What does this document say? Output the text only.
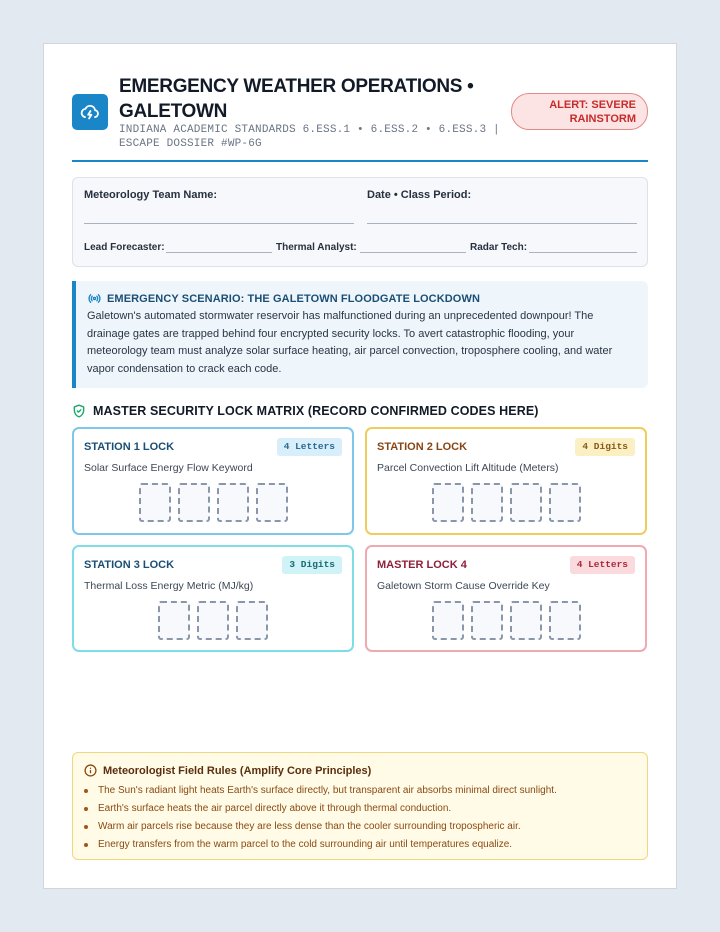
EMERGENCY WEATHER OPERATIONS • GALETOWN
INDIANA ACADEMIC STANDARDS 6.ESS.1 • 6.ESS.2 • 6.ESS.3 | ESCAPE DOSSIER #WP-6G
ALERT: SEVERE RAINSTORM
Meteorology Team Name:	Date • Class Period:
Lead Forecaster:	Thermal Analyst:	Radar Tech:
EMERGENCY SCENARIO: THE GALETOWN FLOODGATE LOCKDOWN
Galetown's automated stormwater reservoir has malfunctioned during an unprecedented downpour! The drainage gates are trapped behind four encrypted security locks. To avert catastrophic flooding, your meteorology team must analyze solar surface heating, air parcel convection, troposphere cooling, and water vapor condensation to crack each code.
MASTER SECURITY LOCK MATRIX (RECORD CONFIRMED CODES HERE)
STATION 1 LOCK	4 Letters
Solar Surface Energy Flow Keyword
STATION 2 LOCK	4 Digits
Parcel Convection Lift Altitude (Meters)
STATION 3 LOCK	3 Digits
Thermal Loss Energy Metric (MJ/kg)
MASTER LOCK 4	4 Letters
Galetown Storm Cause Override Key
Meteorologist Field Rules (Amplify Core Principles)
The Sun's radiant light heats Earth's surface directly, but transparent air absorbs minimal direct sunlight.
Earth's surface heats the air parcel directly above it through thermal conduction.
Warm air parcels rise because they are less dense than the cooler surrounding tropospheric air.
Energy transfers from the warm parcel to the cold surrounding air until temperatures equalize.
